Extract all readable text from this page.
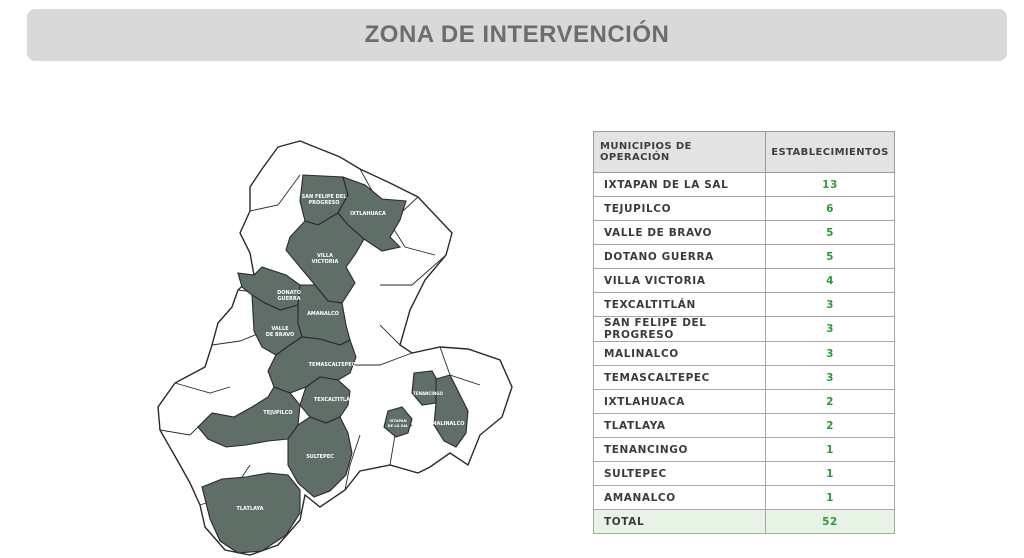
ZONA DE INTERVENCIÓN
SAN FELIPE DEL
PROGRESO
IXTLAHUACA
VILLA
VICTORIA
DONATO
GUERRA
AMANALCO
VALLE
DE BRAVO
TEMASCALTEPEC
TEXCALTITLÁN
TEJUPILCO
SULTEPEC
TLATLAYA
IXTAPAN
DE LA SAL
TENANCINGO
MALINALCO
MUNICIPIOS DE OPERACIÓN	ESTABLECIMIENTOS
IXTAPAN DE LA SAL	13
TEJUPILCO	6
VALLE DE BRAVO	5
DOTANO GUERRA	5
VILLA VICTORIA	4
TEXCALTITLÁN	3
SAN FELIPE DEL PROGRESO	3
MALINALCO	3
TEMASCALTEPEC	3
IXTLAHUACA	2
TLATLAYA	2
TENANCINGO	1
SULTEPEC	1
AMANALCO	1
TOTAL	52
